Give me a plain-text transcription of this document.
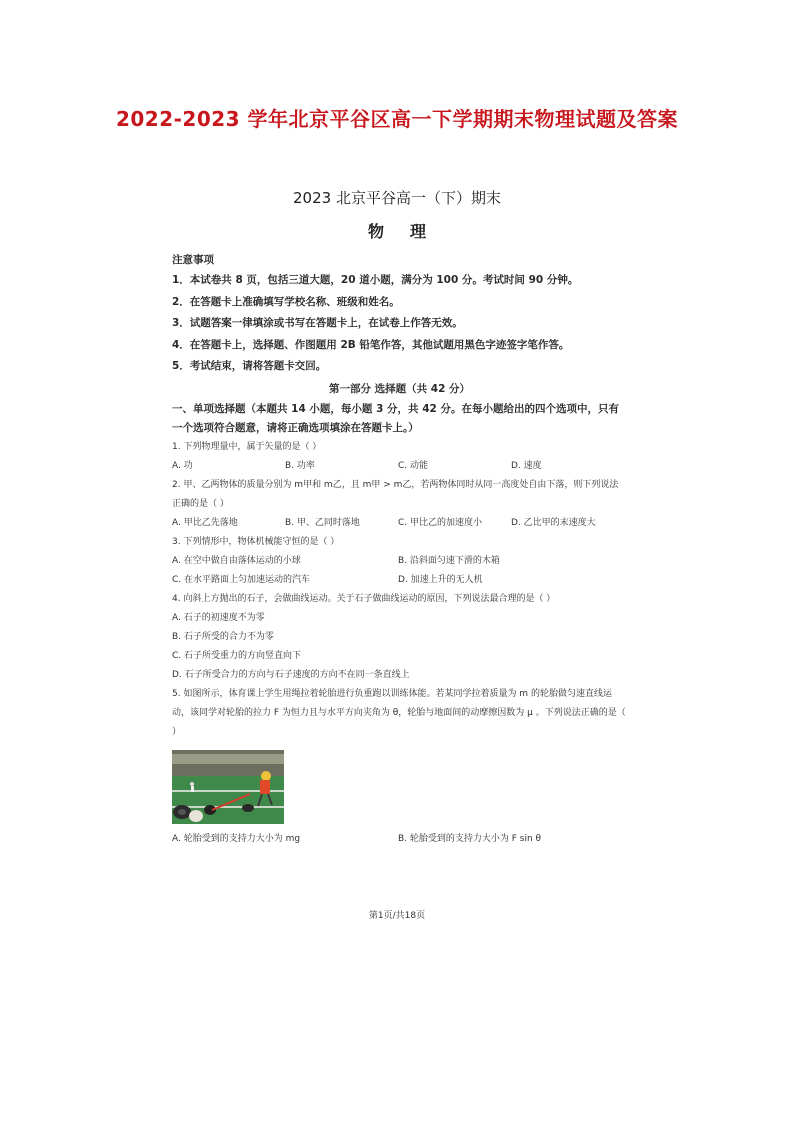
2022-2023 学年北京平谷区高一下学期期末物理试题及答案
2023 北京平谷高一（下）期末
物理
注意事项
1．本试卷共 8 页，包括三道大题，20 道小题，满分为 100 分。考试时间 90 分钟。
2．在答题卡上准确填写学校名称、班级和姓名。
3．试题答案一律填涂或书写在答题卡上，在试卷上作答无效。
4．在答题卡上，选择题、作图题用 2B 铅笔作答，其他试题用黑色字迹签字笔作答。
5．考试结束，请将答题卡交回。
第一部分 选择题（共 42 分）
一、单项选择题（本题共 14 小题，每小题 3 分，共 42 分。在每小题给出的四个选项中，只有一个选项符合题意，请将正确选项填涂在答题卡上。）
1. 下列物理量中，属于矢量的是（ ）
A. 功	B. 功率	C. 动能	D. 速度
2. 甲、乙两物体的质量分别为 m甲和 m乙，且 m甲 > m乙，若两物体同时从同一高度处自由下落，则下列说法正确的是（ ）
A. 甲比乙先落地	B. 甲、乙同时落地	C. 甲比乙的加速度小	D. 乙比甲的末速度大
3. 下列情形中，物体机械能守恒的是（ ）
A. 在空中做自由落体运动的小球	B. 沿斜面匀速下滑的木箱
C. 在水平路面上匀加速运动的汽车	D. 加速上升的无人机
4. 向斜上方抛出的石子，会做曲线运动。关于石子做曲线运动的原因，下列说法最合理的是（ ）
A. 石子的初速度不为零
B. 石子所受的合力不为零
C. 石子所受重力的方向竖直向下
D. 石子所受合力的方向与石子速度的方向不在同一条直线上
5. 如图所示，体育课上学生用绳拉着轮胎进行负重跑以训练体能。若某同学拉着质量为 m 的轮胎做匀速直线运动，该同学对轮胎的拉力 F 为恒力且与水平方向夹角为 θ，轮胎与地面间的动摩擦因数为 μ 。下列说法正确的是（ ）
A. 轮胎受到的支持力大小为 mg	B. 轮胎受到的支持力大小为 F sin θ
第1页/共18页
